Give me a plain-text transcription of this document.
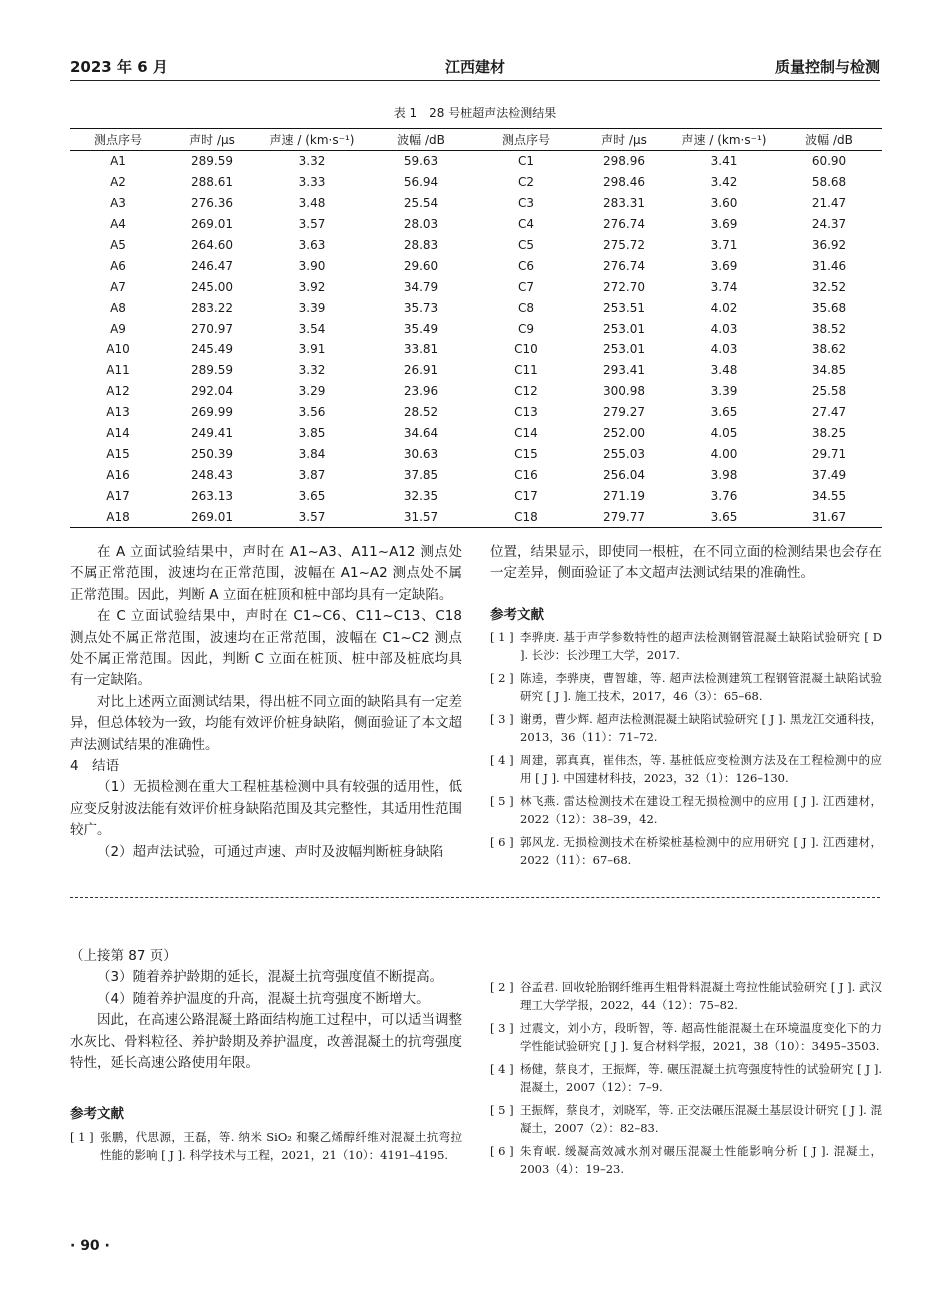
2023 年 6 月	江西建材	质量控制与检测
表 1　28 号桩超声法检测结果
测点序号	声时 /μs	声速 / (km·s⁻¹)	波幅 /dB	测点序号	声时 /μs	声速 / (km·s⁻¹)	波幅 /dB
A1	289.59	3.32	59.63	C1	298.96	3.41	60.90
A2	288.61	3.33	56.94	C2	298.46	3.42	58.68
A3	276.36	3.48	25.54	C3	283.31	3.60	21.47
A4	269.01	3.57	28.03	C4	276.74	3.69	24.37
A5	264.60	3.63	28.83	C5	275.72	3.71	36.92
A6	246.47	3.90	29.60	C6	276.74	3.69	31.46
A7	245.00	3.92	34.79	C7	272.70	3.74	32.52
A8	283.22	3.39	35.73	C8	253.51	4.02	35.68
A9	270.97	3.54	35.49	C9	253.01	4.03	38.52
A10	245.49	3.91	33.81	C10	253.01	4.03	38.62
A11	289.59	3.32	26.91	C11	293.41	3.48	34.85
A12	292.04	3.29	23.96	C12	300.98	3.39	25.58
A13	269.99	3.56	28.52	C13	279.27	3.65	27.47
A14	249.41	3.85	34.64	C14	252.00	4.05	38.25
A15	250.39	3.84	30.63	C15	255.03	4.00	29.71
A16	248.43	3.87	37.85	C16	256.04	3.98	37.49
A17	263.13	3.65	32.35	C17	271.19	3.76	34.55
A18	269.01	3.57	31.57	C18	279.77	3.65	31.67

在 A 立面试验结果中，声时在 A1~A3、A11~A12 测点处不属正常范围，波速均在正常范围，波幅在 A1~A2 测点处不属正常范围。因此，判断 A 立面在桩顶和桩中部均具有一定缺陷。

在 C 立面试验结果中，声时在 C1~C6、C11~C13、C18 测点处不属正常范围，波速均在正常范围，波幅在 C1~C2 测点处不属正常范围。因此，判断 C 立面在桩顶、桩中部及桩底均具有一定缺陷。

对比上述两立面测试结果，得出桩不同立面的缺陷具有一定差异，但总体较为一致，均能有效评价桩身缺陷，侧面验证了本文超声法测试结果的准确性。

4　结语

（1）无损检测在重大工程桩基检测中具有较强的适用性，低应变反射波法能有效评价桩身缺陷范围及其完整性，其适用性范围较广。

（2）超声法试验，可通过声速、声时及波幅判断桩身缺陷

位置，结果显示，即使同一根桩，在不同立面的检测结果也会存在一定差异，侧面验证了本文超声法测试结果的准确性。

参考文献
[ 1 ] 李骅庚. 基于声学参数特性的超声法检测钢管混凝土缺陷试验研究 [ D ]. 长沙：长沙理工大学，2017.
[ 2 ] 陈逵，李骅庚，曹智雄，等. 超声法检测建筑工程钢管混凝土缺陷试验研究 [ J ]. 施工技术，2017，46（3）：65–68.
[ 3 ] 谢勇，曹少辉. 超声法检测混凝土缺陷试验研究 [ J ]. 黑龙江交通科技，2013，36（11）：71–72.
[ 4 ] 周建，郭真真，崔伟杰，等. 基桩低应变检测方法及在工程检测中的应用 [ J ]. 中国建材科技，2023，32（1）：126–130.
[ 5 ] 林飞燕. 雷达检测技术在建设工程无损检测中的应用 [ J ]. 江西建材，2022（12）：38–39，42.
[ 6 ] 郭风龙. 无损检测技术在桥梁桩基检测中的应用研究 [ J ]. 江西建材，2022（11）：67–68.

（上接第 87 页）

（3）随着养护龄期的延长，混凝土抗弯强度值不断提高。

（4）随着养护温度的升高，混凝土抗弯强度不断增大。

因此，在高速公路混凝土路面结构施工过程中，可以适当调整水灰比、骨料粒径、养护龄期及养护温度，改善混凝土的抗弯强度特性，延长高速公路使用年限。

参考文献
[ 1 ] 张鹏，代思源，王磊，等. 纳米 SiO₂ 和聚乙烯醇纤维对混凝土抗弯拉性能的影响 [ J ]. 科学技术与工程，2021，21（10）：4191–4195.
[ 2 ] 谷孟君. 回收轮胎钢纤维再生粗骨料混凝土弯拉性能试验研究 [ J ]. 武汉理工大学学报，2022，44（12）：75–82.
[ 3 ] 过震文，刘小方，段昕智，等. 超高性能混凝土在环境温度变化下的力学性能试验研究 [ J ]. 复合材料学报，2021，38（10）：3495–3503.
[ 4 ] 杨健，蔡良才，王振辉，等. 碾压混凝土抗弯强度特性的试验研究 [ J ]. 混凝土，2007（12）：7–9.
[ 5 ] 王振辉，蔡良才，刘晓军，等. 正交法碾压混凝土基层设计研究 [ J ]. 混凝土，2007（2）：82–83.
[ 6 ] 朱育岷. 缓凝高效减水剂对碾压混凝土性能影响分析 [ J ]. 混凝土，2003（4）：19–23.
· 90 ·
